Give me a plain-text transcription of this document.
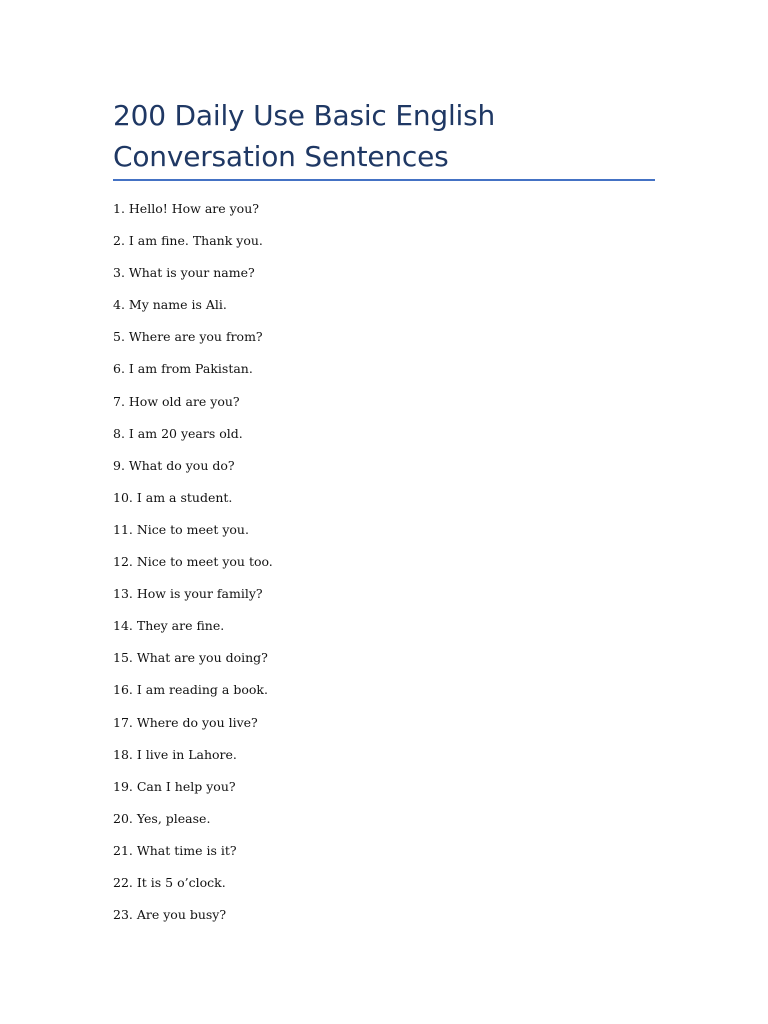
200 Daily Use Basic English
Conversation Sentences
1. Hello! How are you?
2. I am fine. Thank you.
3. What is your name?
4. My name is Ali.
5. Where are you from?
6. I am from Pakistan.
7. How old are you?
8. I am 20 years old.
9. What do you do?
10. I am a student.
11. Nice to meet you.
12. Nice to meet you too.
13. How is your family?
14. They are fine.
15. What are you doing?
16. I am reading a book.
17. Where do you live?
18. I live in Lahore.
19. Can I help you?
20. Yes, please.
21. What time is it?
22. It is 5 o’clock.
23. Are you busy?
